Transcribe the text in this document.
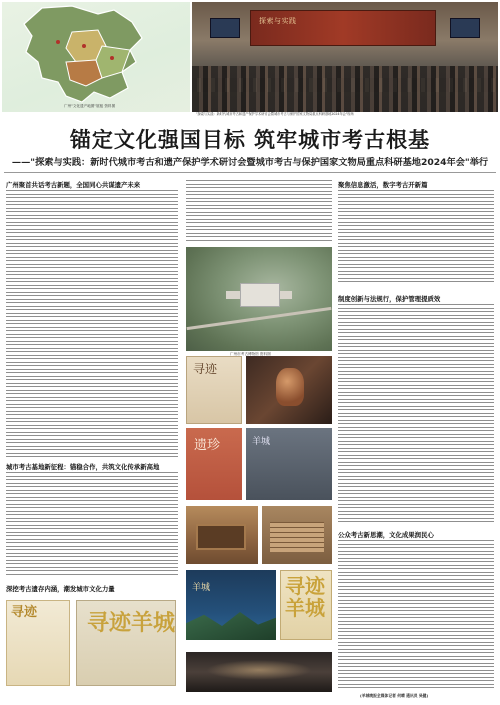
广州"文化遗产地图"展板 资料图
探索与实践
"探索与实践：新时代城市考古和遗产保护学术研讨会暨城市考古与保护国家文物局重点科研基地2024年会"现场
锚定文化强国目标 筑牢城市考古根基
——"探索与实践：新时代城市考古和遗产保护学术研讨会暨城市考古与保护国家文物局重点科研基地2024年会"举行
广州聚首共话考古新题，全国同心共谋遗产未来
城市考古基地新征程：锚稳合作，共筑文化传承新高地
深挖考古遗存内涵，潮发城市文化力量
寻迹 寻迹羊城
广州市考古博物馆 资料图
寻迹
遗珍	羊城
羊城	寻迹羊城
聚焦信息激活，数字考古开新篇
制度创新与法规行，保护管理提质效
公众考古新思潮，文化成果润民心
(羊城晚报全媒体记者 何晴 通讯员 吴健)
